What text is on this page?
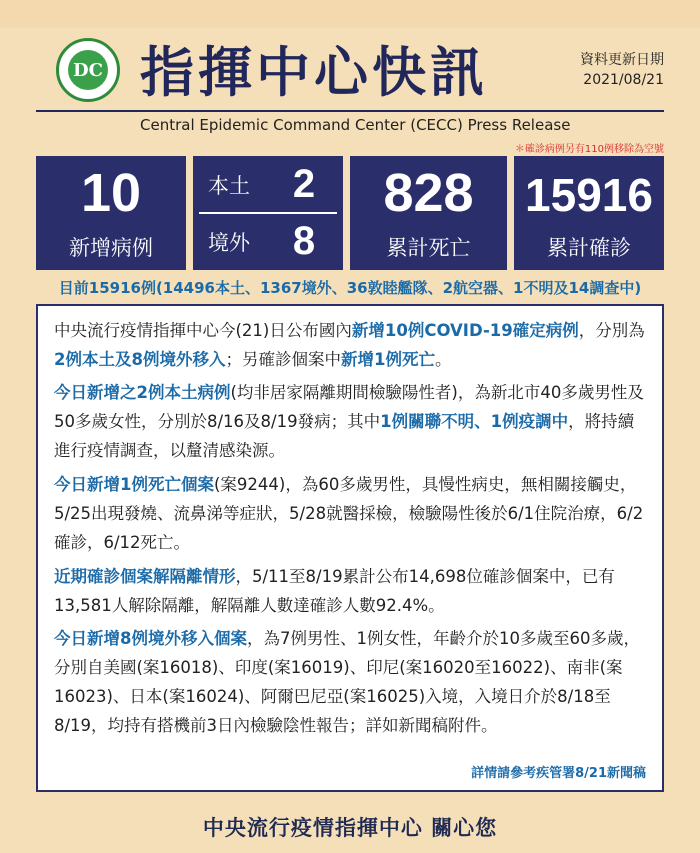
DC 指揮中心快訊	資料更新日期
2021/08/21
Central Epidemic Command Center (CECC) Press Release
＊確診病例另有110例移除為空號
10
新增病例
本土	2
境外	8
828
累計死亡
15916
累計確診
目前15916例(14496本土、1367境外、36敦睦艦隊、2航空器、1不明及14調查中)
中央流行疫情指揮中心今(21)日公布國內新增10例COVID-19確定病例，分別為2例本土及8例境外移入；另確診個案中新增1例死亡。
今日新增之2例本土病例(均非居家隔離期間檢驗陽性者)，為新北市40多歲男性及50多歲女性，分別於8/16及8/19發病；其中1例關聯不明、1例疫調中，將持續進行疫情調查，以釐清感染源。
今日新增1例死亡個案(案9244)，為60多歲男性，具慢性病史，無相關接觸史，5/25出現發燒、流鼻涕等症狀，5/28就醫採檢，檢驗陽性後於6/1住院治療，6/2確診，6/12死亡。
近期確診個案解隔離情形，5/11至8/19累計公布14,698位確診個案中，已有13,581人解除隔離，解隔離人數達確診人數92.4%。
今日新增8例境外移入個案，為7例男性、1例女性，年齡介於10多歲至60多歲，分別自美國(案16018)、印度(案16019)、印尼(案16020至16022)、南非(案16023)、日本(案16024)、阿爾巴尼亞(案16025)入境，入境日介於8/18至8/19，均持有搭機前3日內檢驗陰性報告；詳如新聞稿附件。
詳情請參考疾管署8/21新聞稿
中央流行疫情指揮中心 關心您
